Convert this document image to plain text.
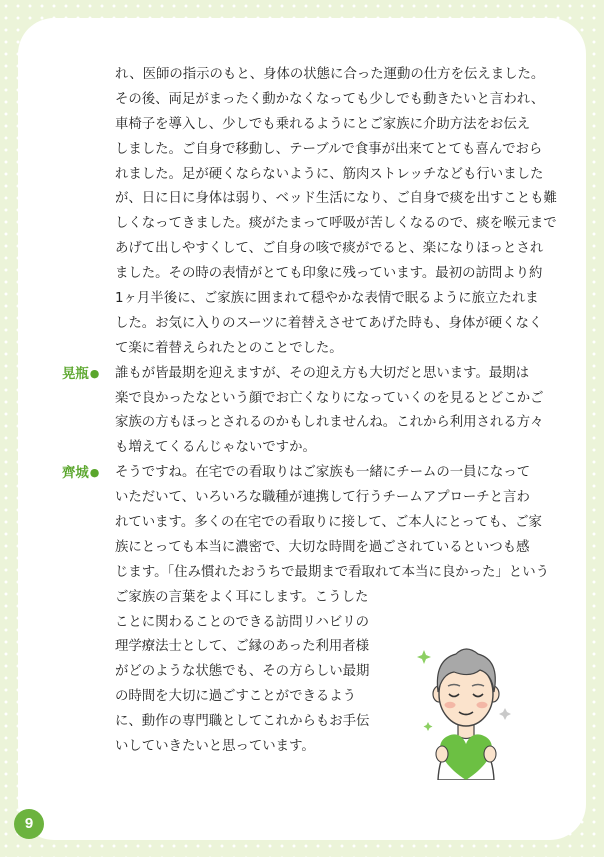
れ、医師の指示のもと、身体の状態に合った運動の仕方を伝えました。
その後、両足がまったく動かなくなっても少しでも動きたいと言われ、
車椅子を導入し、少しでも乗れるようにとご家族に介助方法をお伝え
しました。ご自身で移動し、テーブルで食事が出来てとても喜んでおら
れました。足が硬くならないように、筋肉ストレッチなども行いました
が、日に日に身体は弱り、ベッド生活になり、ご自身で痰を出すことも難
しくなってきました。痰がたまって呼吸が苦しくなるので、痰を喉元まで
あげて出しやすくして、ご自身の咳で痰がでると、楽になりほっとされ
ました。その時の表情がとても印象に残っています。最初の訪問より約
1ヶ月半後に、ご家族に囲まれて穏やかな表情で眠るように旅立たれま
した。お気に入りのスーツに着替えさせてあげた時も、身体が硬くなく
て楽に着替えられたとのことでした。
晃瓶● 誰もが皆最期を迎えますが、その迎え方も大切だと思います。最期は
楽で良かったなという顔でお亡くなりになっていくのを見るとどこかご
家族の方もほっとされるのかもしれませんね。これから利用される方々
も増えてくるんじゃないですか。
齊城● そうですね。在宅での看取りはご家族も一緒にチームの一員になって
いただいて、いろいろな職種が連携して行うチームアプローチと言わ
れています。多くの在宅での看取りに接して、ご本人にとっても、ご家
族にとっても本当に濃密で、大切な時間を過ごされているといつも感
じます。「住み慣れたおうちで最期まで看取れて本当に良かった」という
ご家族の言葉をよく耳にします。こうした
ことに関わることのできる訪問リハビリの
理学療法士として、ご縁のあった利用者様
がどのような状態でも、その方らしい最期
の時間を大切に過ごすことができるよう
に、動作の専門職としてこれからもお手伝
いしていきたいと思っています。
9
